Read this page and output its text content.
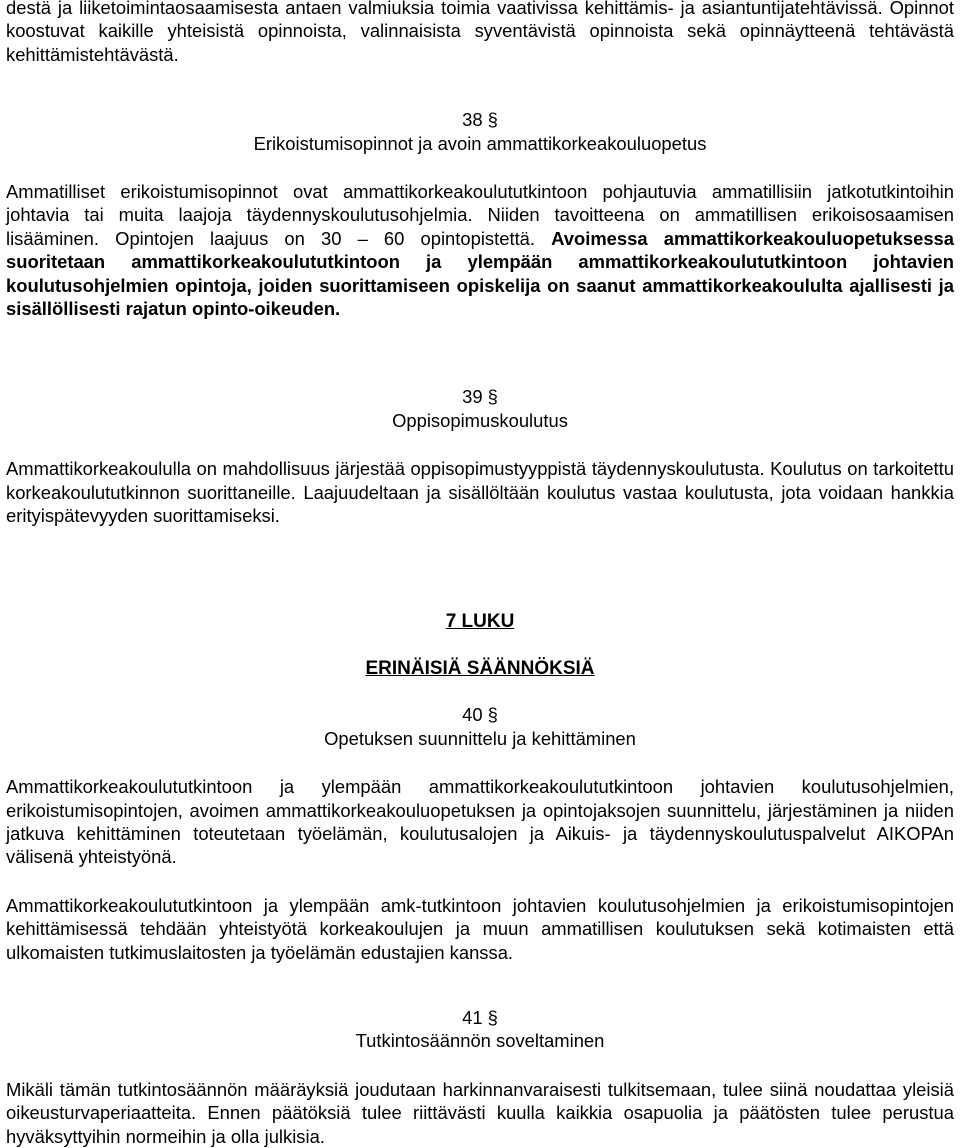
destä ja liiketoimintaosaamisesta antaen valmiuksia toimia vaativissa kehittämis- ja asiantuntijatehtävissä. Opinnot koostuvat kaikille yhteisistä opinnoista, valinnaisista syventävistä opinnoista sekä opinnäytteenä tehtävästä kehittämistehtävästä.

38 §
Erikoistumisopinnot ja avoin ammattikorkeakouluopetus

Ammatilliset erikoistumisopinnot ovat ammattikorkeakoulututkintoon pohjautuvia ammatillisiin jatkotutkintoihin johtavia tai muita laajoja täydennyskoulutusohjelmia. Niiden tavoitteena on ammatillisen erikoisosaamisen lisääminen. Opintojen laajuus on 30 – 60 opintopistettä. Avoimessa ammattikorkeakouluopetuksessa suoritetaan ammattikorkeakoulututkintoon ja ylempään ammattikorkeakoulututkintoon johtavien koulutusohjelmien opintoja, joiden suorittamiseen opiskelija on saanut ammattikorkeakoululta ajallisesti ja sisällöllisesti rajatun opinto-oikeuden.

39 §
Oppisopimuskoulutus

Ammattikorkeakoululla on mahdollisuus järjestää oppisopimustyyppistä täydennyskoulutusta. Koulutus on tarkoitettu korkeakoulututkinnon suorittaneille. Laajuudeltaan ja sisällöltään koulutus vastaa koulutusta, jota voidaan hankkia erityispätevyyden suorittamiseksi.

7 LUKU

ERINÄISIÄ SÄÄNNÖKSIÄ

40 §
Opetuksen suunnittelu ja kehittäminen

Ammattikorkeakoulututkintoon ja ylempään ammattikorkeakoulututkintoon johtavien koulutusohjelmien, erikoistumisopintojen, avoimen ammattikorkeakouluopetuksen ja opintojaksojen suunnittelu, järjestäminen ja niiden jatkuva kehittäminen toteutetaan työelämän, koulutusalojen ja Aikuis- ja täydennyskoulutuspalvelut AIKOPAn välisenä yhteistyönä.

Ammattikorkeakoulututkintoon ja ylempään amk-tutkintoon johtavien koulutusohjelmien ja erikoistumisopintojen kehittämisessä tehdään yhteistyötä korkeakoulujen ja muun ammatillisen koulutuksen sekä kotimaisten että ulkomaisten tutkimuslaitosten ja työelämän edustajien kanssa.

41 §
Tutkintosäännön soveltaminen

Mikäli tämän tutkintosäännön määräyksiä joudutaan harkinnanvaraisesti tulkitsemaan, tulee siinä noudattaa yleisiä oikeusturvaperiaatteita. Ennen päätöksiä tulee riittävästi kuulla kaikkia osapuolia ja päätösten tulee perustua hyväksyttyihin normeihin ja olla julkisia.
